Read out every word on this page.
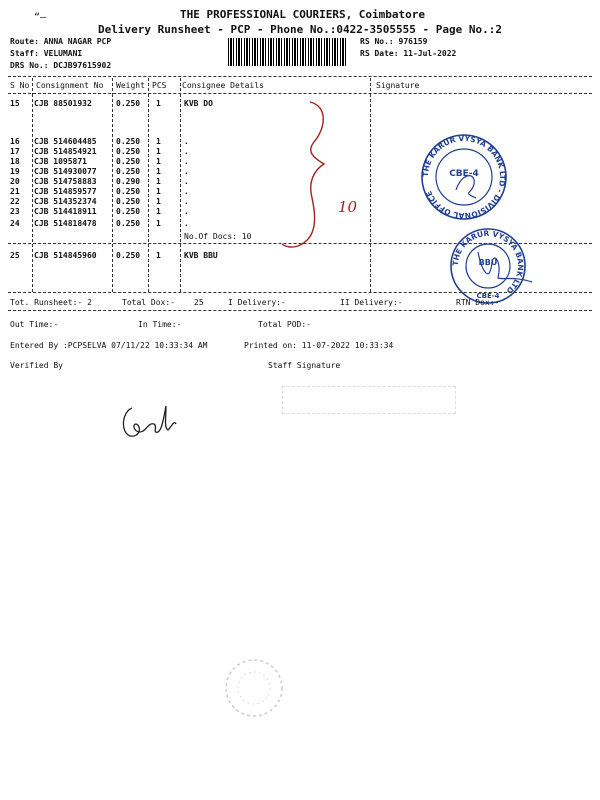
“–	THE PROFESSIONAL COURIERS, Coimbatore
Delivery Runsheet - PCP - Phone No.:0422-3505555 - Page No.:2
Route: ANNA NAGAR PCP
Staff: VELUMANI
DRS No.: DCJB97615902
RS No.: 976159
RS Date: 11-Jul-2022
S No Consignment No Weight PCS Consignee Details	Signature
15 CJB 88501932	0.250 1	KVB DO
16 CJB 514604485 0.250 1	.
17 CJB 514854921 0.250 1	.
18 CJB 1095871	0.250 1	.
19 CJB 514930077 0.250 1	.
20 CJB 514758883 0.290 1	.
21 CJB 514859577 0.250 1	.
22 CJB 514352374 0.250 1	.
23 CJB 514418911 0.250 1	.
24 CJB 514818478 0.250 1	.
No.Of Docs: 10
25 CJB 514845960 0.250 1	KVB BBU
10
THE KARUR VYSYA BANK LTD - DIVISIONAL OFFICE
CBE-4
THE KARUR VYSYA BANK LTD
BBU
CBE-4
Tot. Runsheet:- 2	Total Dox:- 25	I Delivery:-	II Delivery:-	RTN Dox:-
Out Time:-	In Time:-	Total POD:-
Entered By :PCPSELVA 07/11/22 10:33:34 AM	Printed on: 11-07-2022 10:33:34
Verified By	Staff Signature
